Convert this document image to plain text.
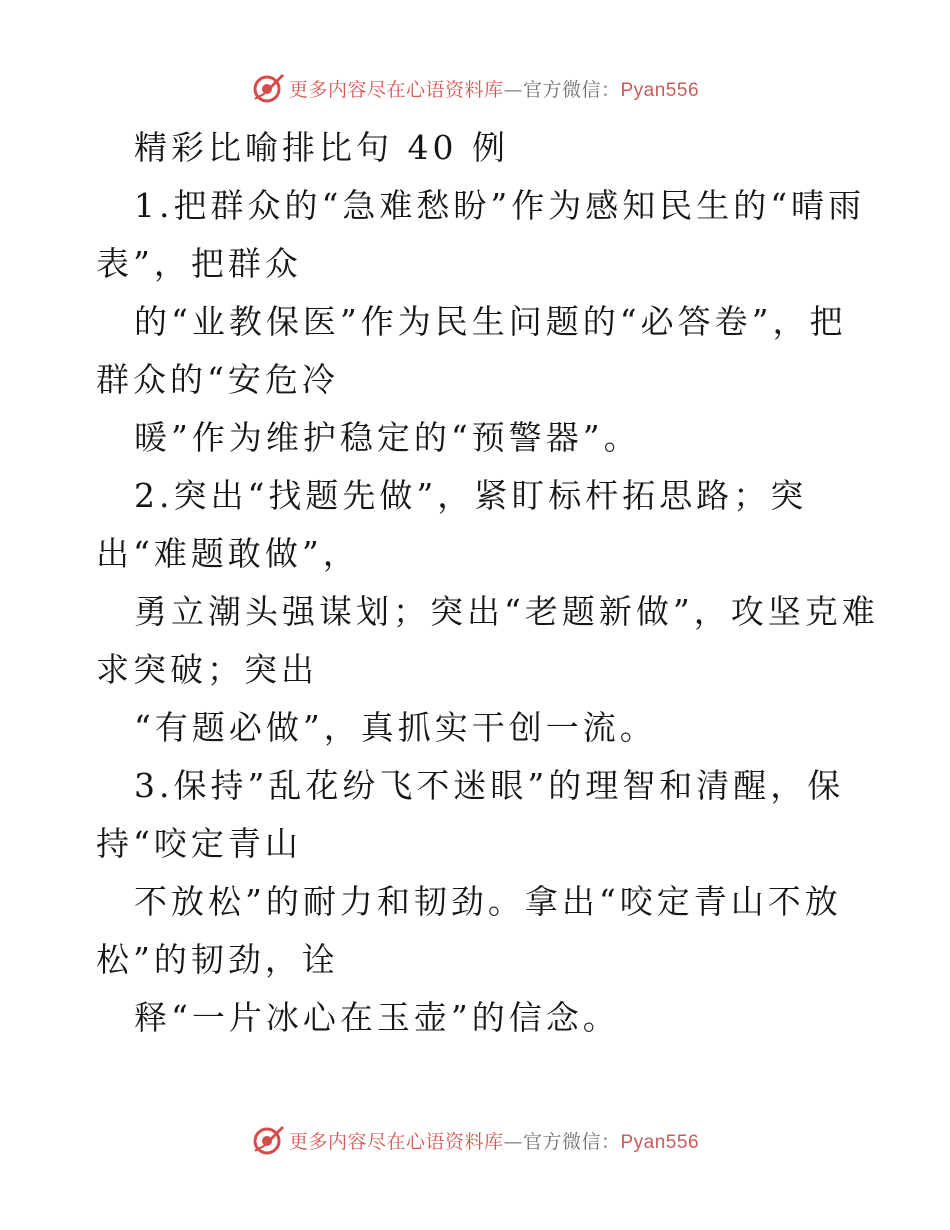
更多内容尽在心语资料库—官方微信：Pyan556
精彩比喻排比句 40 例
1.把群众的“急难愁盼”作为感知民生的“晴雨
表”，把群众
的“业教保医”作为民生问题的“必答卷”，把
群众的“安危冷
暖”作为维护稳定的“预警器”。
2.突出“找题先做”，紧盯标杆拓思路；突
出“难题敢做”，
勇立潮头强谋划；突出“老题新做”，攻坚克难
求突破；突出
“有题必做”，真抓实干创一流。
3.保持”乱花纷飞不迷眼”的理智和清醒，保
持“咬定青山
不放松”的耐力和韧劲。拿出“咬定青山不放
松”的韧劲，诠
释“一片冰心在玉壶”的信念。
更多内容尽在心语资料库—官方微信：Pyan556
